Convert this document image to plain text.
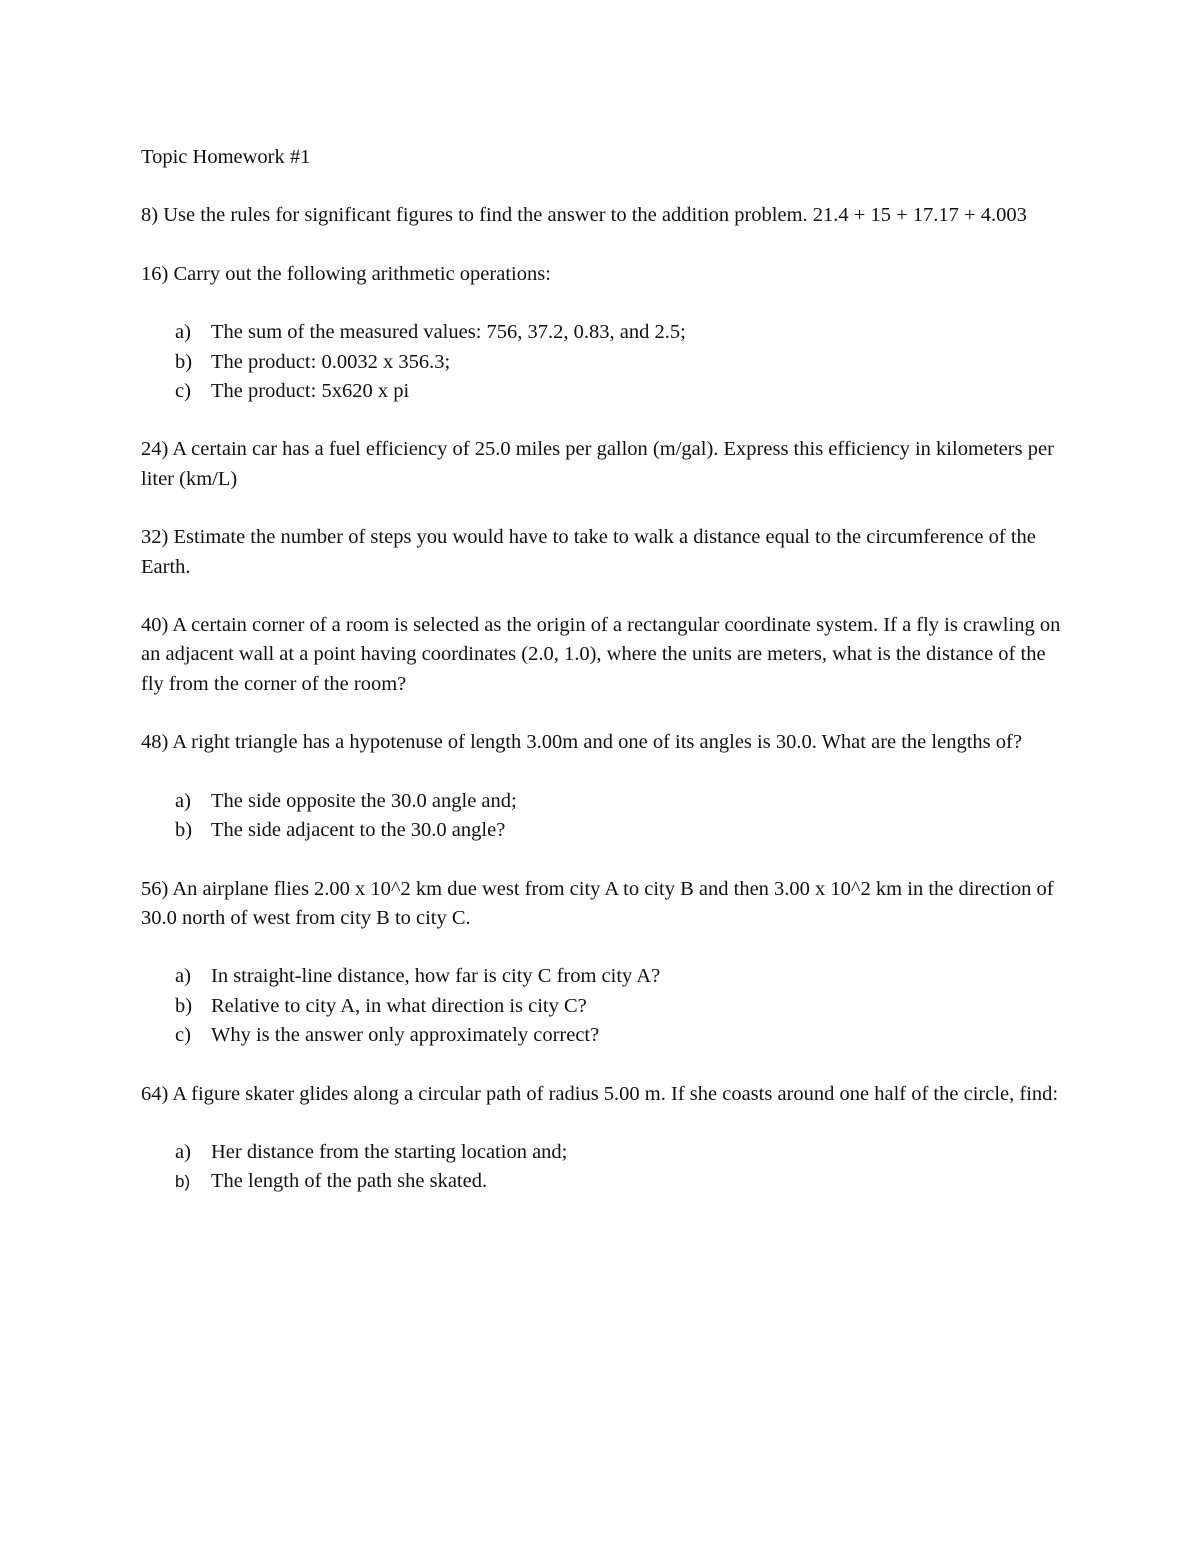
Topic Homework #1

8) Use the rules for significant figures to find the answer to the addition problem. 21.4 + 15 + 17.17 + 4.003

16) Carry out the following arithmetic operations:

a) The sum of the measured values: 756, 37.2, 0.83, and 2.5;
b) The product: 0.0032 x 356.3;
c) The product: 5x620 x pi

24) A certain car has a fuel efficiency of 25.0 miles per gallon (m/gal). Express this efficiency in kilometers per liter (km/L)

32) Estimate the number of steps you would have to take to walk a distance equal to the circumference of the Earth.

40) A certain corner of a room is selected as the origin of a rectangular coordinate system. If a fly is crawling on an adjacent wall at a point having coordinates (2.0, 1.0), where the units are meters, what is the distance of the fly from the corner of the room?

48) A right triangle has a hypotenuse of length 3.00m and one of its angles is 30.0. What are the lengths of?

a) The side opposite the 30.0 angle and;
b) The side adjacent to the 30.0 angle?

56) An airplane flies 2.00 x 10^2 km due west from city A to city B and then 3.00 x 10^2 km in the direction of 30.0 north of west from city B to city C.

a) In straight-line distance, how far is city C from city A?
b) Relative to city A, in what direction is city C?
c) Why is the answer only approximately correct?

64) A figure skater glides along a circular path of radius 5.00 m. If she coasts around one half of the circle, find:

a) Her distance from the starting location and;
b) The length of the path she skated.
